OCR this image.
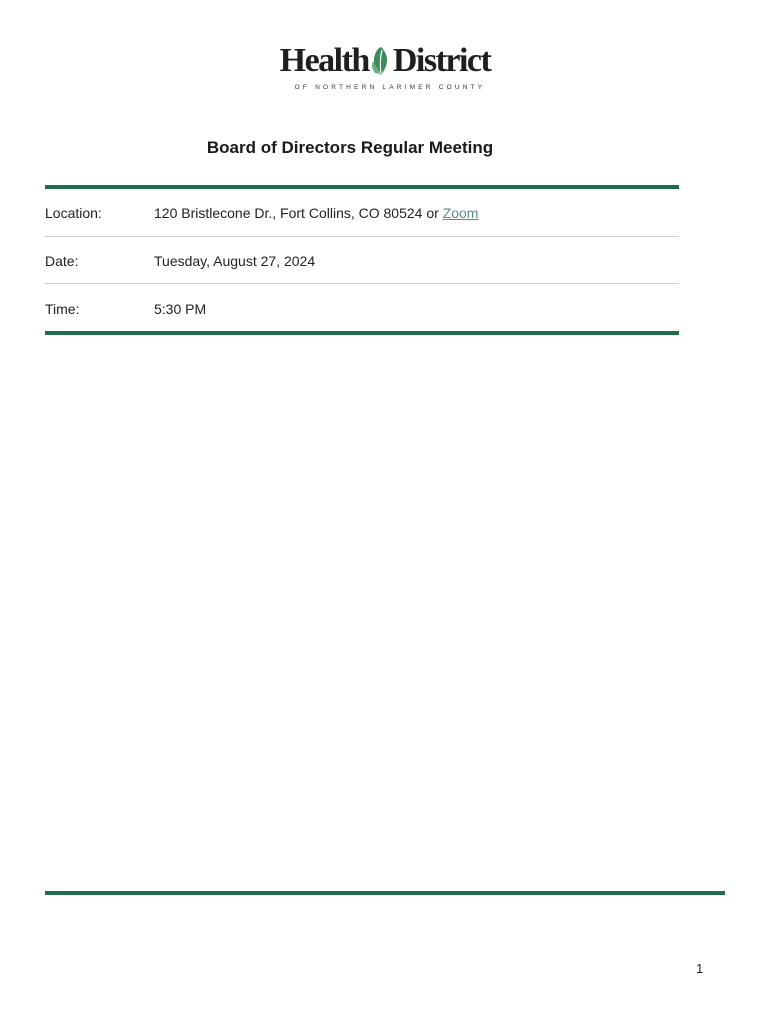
Health District
OF NORTHERN LARIMER COUNTY
Board of Directors Regular Meeting
Location:	120 Bristlecone Dr., Fort Collins, CO 80524 or Zoom
Date:	Tuesday, August 27, 2024
Time:	5:30 PM
1
